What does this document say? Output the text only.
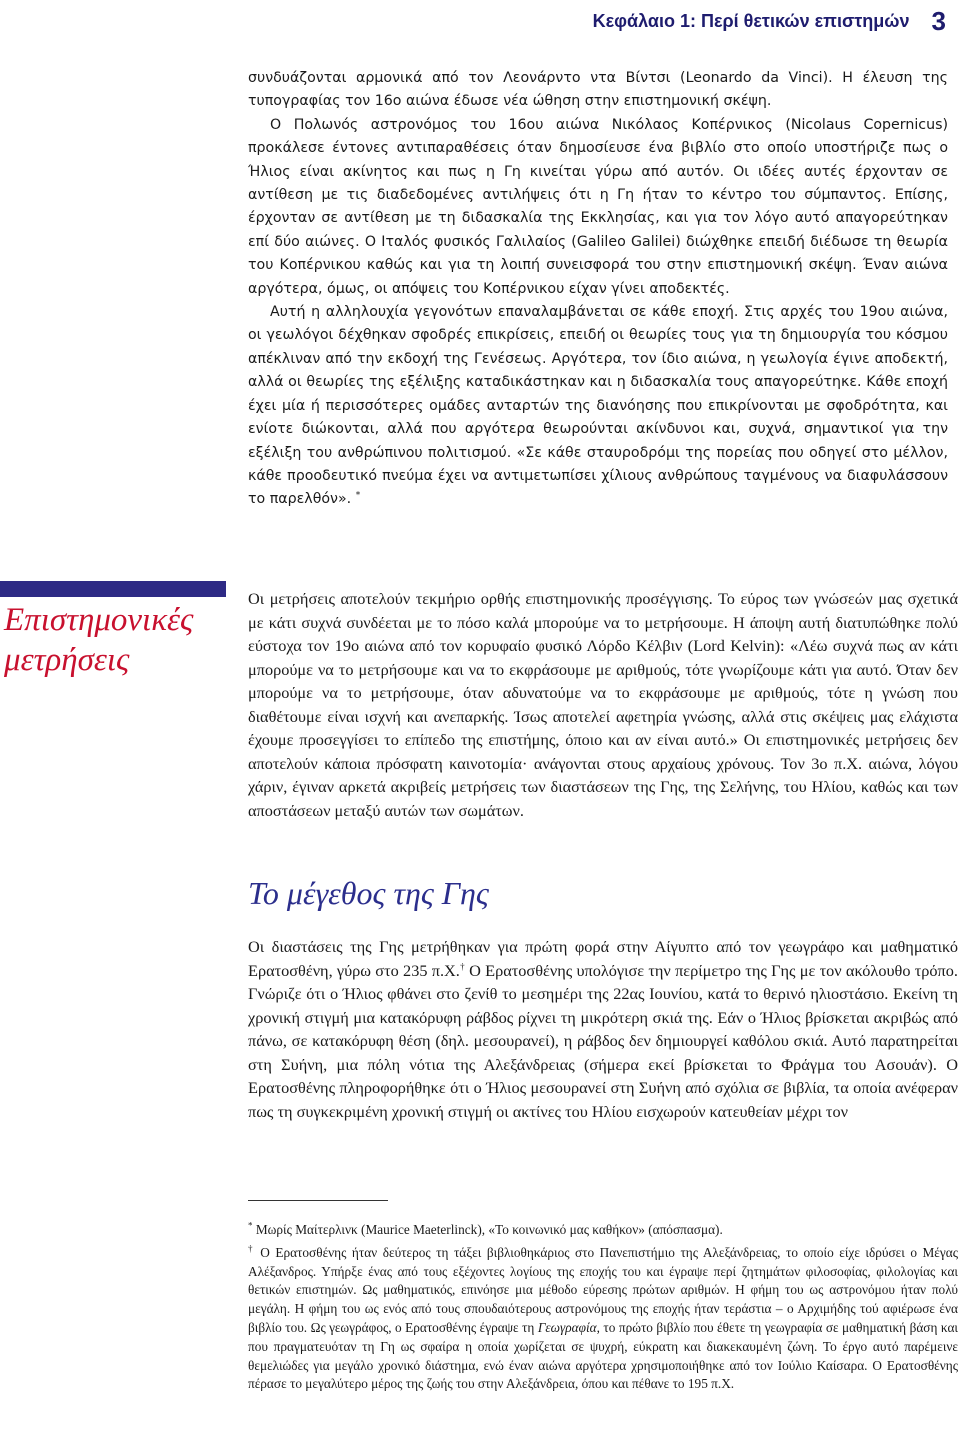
Κεφάλαιο 1: Περί θετικών επιστημών 3

συνδυάζονται αρμονικά από τον Λεονάρντο ντα Βίντσι (Leonardo da Vinci). Η έλευση της τυπογραφίας τον 16ο αιώνα έδωσε νέα ώθηση στην επιστημονική σκέψη.

Ο Πολωνός αστρονόμος του 16ου αιώνα Νικόλαος Κοπέρνικος (Nicolaus Copernicus) προκάλεσε έντονες αντιπαραθέσεις όταν δημοσίευσε ένα βιβλίο στο οποίο υποστήριζε πως ο Ήλιος είναι ακίνητος και πως η Γη κινείται γύρω από αυτόν. Οι ιδέες αυτές έρχονταν σε αντίθεση με τις διαδεδομένες αντιλήψεις ότι η Γη ήταν το κέντρο του σύμπαντος. Επίσης, έρχονταν σε αντίθεση με τη διδασκαλία της Εκκλησίας, και για τον λόγο αυτό απαγορεύτηκαν επί δύο αιώνες. Ο Ιταλός φυσικός Γαλιλαίος (Galileo Galilei) διώχθηκε επειδή διέδωσε τη θεωρία του Κοπέρνικου καθώς και για τη λοιπή συνεισφορά του στην επιστημονική σκέψη. Έναν αιώνα αργότερα, όμως, οι απόψεις του Κοπέρνικου είχαν γίνει αποδεκτές.

Αυτή η αλληλουχία γεγονότων επαναλαμβάνεται σε κάθε εποχή. Στις αρχές του 19ου αιώνα, οι γεωλόγοι δέχθηκαν σφοδρές επικρίσεις, επειδή οι θεωρίες τους για τη δημιουργία του κόσμου απέκλιναν από την εκδοχή της Γενέσεως. Αργότερα, τον ίδιο αιώνα, η γεωλογία έγινε αποδεκτή, αλλά οι θεωρίες της εξέλιξης καταδικάστηκαν και η διδασκαλία τους απαγορεύτηκε. Κάθε εποχή έχει μία ή περισσότερες ομάδες ανταρτών της διανόησης που επικρίνονται με σφοδρότητα, και ενίοτε διώκονται, αλλά που αργότερα θεωρούνται ακίνδυνοι και, συχνά, σημαντικοί για την εξέλιξη του ανθρώπινου πολιτισμού. «Σε κάθε σταυροδρόμι της πορείας που οδηγεί στο μέλλον, κάθε προοδευτικό πνεύμα έχει να αντιμετωπίσει χίλιους ανθρώπους ταγμένους να διαφυλάσσουν το παρελθόν». *

Επιστημονικές
μετρήσεις

Οι μετρήσεις αποτελούν τεκμήριο ορθής επιστημονικής προσέγγισης. Το εύρος των γνώσεών μας σχετικά με κάτι συχνά συνδέεται με το πόσο καλά μπορούμε να το μετρήσουμε. Η άποψη αυτή διατυπώθηκε πολύ εύστοχα τον 19ο αιώνα από τον κορυφαίο φυσικό Λόρδο Κέλβιν (Lord Kelvin): «Λέω συχνά πως αν κάτι μπορούμε να το μετρήσουμε και να το εκφράσουμε με αριθμούς, τότε γνωρίζουμε κάτι για αυτό. Όταν δεν μπορούμε να το μετρήσουμε, όταν αδυνατούμε να το εκφράσουμε με αριθμούς, τότε η γνώση που διαθέτουμε είναι ισχνή και ανεπαρκής. Ίσως αποτελεί αφετηρία γνώσης, αλλά στις σκέψεις μας ελάχιστα έχουμε προσεγγίσει το επίπεδο της επιστήμης, όποιο και αν είναι αυτό.» Οι επιστημονικές μετρήσεις δεν αποτελούν κάποια πρόσφατη καινοτομία· ανάγονται στους αρχαίους χρόνους. Τον 3ο π.Χ. αιώνα, λόγου χάριν, έγιναν αρκετά ακριβείς μετρήσεις των διαστάσεων της Γης, της Σελήνης, του Ηλίου, καθώς και των αποστάσεων μεταξύ αυτών των σωμάτων.

Το μέγεθος της Γης

Οι διαστάσεις της Γης μετρήθηκαν για πρώτη φορά στην Αίγυπτο από τον γεωγράφο και μαθηματικό Ερατοσθένη, γύρω στο 235 π.Χ.† Ο Ερατοσθένης υπολόγισε την περίμετρο της Γης με τον ακόλουθο τρόπο. Γνώριζε ότι ο Ήλιος φθάνει στο ζενίθ το μεσημέρι της 22ας Ιουνίου, κατά το θερινό ηλιοστάσιο. Εκείνη τη χρονική στιγμή μια κατακόρυφη ράβδος ρίχνει τη μικρότερη σκιά της. Εάν ο Ήλιος βρίσκεται ακριβώς από πάνω, σε κατακόρυφη θέση (δηλ. μεσουρανεί), η ράβδος δεν δημιουργεί καθόλου σκιά. Αυτό παρατηρείται στη Συήνη, μια πόλη νότια της Αλεξάνδρειας (σήμερα εκεί βρίσκεται το Φράγμα του Ασουάν). Ο Ερατοσθένης πληροφορήθηκε ότι ο Ήλιος μεσουρανεί στη Συήνη από σχόλια σε βιβλία, τα οποία ανέφεραν πως τη συγκεκριμένη χρονική στιγμή οι ακτίνες του Ηλίου εισχωρούν κατευθείαν μέχρι τον

* Μωρίς Μαίτερλινκ (Maurice Maeterlinck), «Το κοινωνικό μας καθήκον» (απόσπασμα).

† Ο Ερατοσθένης ήταν δεύτερος τη τάξει βιβλιοθηκάριος στο Πανεπιστήμιο της Αλεξάνδρειας, το οποίο είχε ιδρύσει ο Μέγας Αλέξανδρος. Υπήρξε ένας από τους εξέχοντες λογίους της εποχής του και έγραψε περί ζητημάτων φιλοσοφίας, φιλολογίας και θετικών επιστημών. Ως μαθηματικός, επινόησε μια μέθοδο εύρεσης πρώτων αριθμών. Η φήμη του ως αστρονόμου ήταν πολύ μεγάλη. Η φήμη του ως ενός από τους σπουδαιότερους αστρονόμους της εποχής ήταν τεράστια – ο Αρχιμήδης τού αφιέρωσε ένα βιβλίο του. Ως γεωγράφος, ο Ερατοσθένης έγραψε τη Γεωγραφία, το πρώτο βιβλίο που έθετε τη γεωγραφία σε μαθηματική βάση και που πραγματευόταν τη Γη ως σφαίρα η οποία χωρίζεται σε ψυχρή, εύκρατη και διακεκαυμένη ζώνη. Το έργο αυτό παρέμεινε θεμελιώδες για μεγάλο χρονικό διάστημα, ενώ έναν αιώνα αργότερα χρησιμοποιήθηκε από τον Ιούλιο Καίσαρα. Ο Ερατοσθένης πέρασε το μεγαλύτερο μέρος της ζωής του στην Αλεξάνδρεια, όπου και πέθανε το 195 π.Χ.
